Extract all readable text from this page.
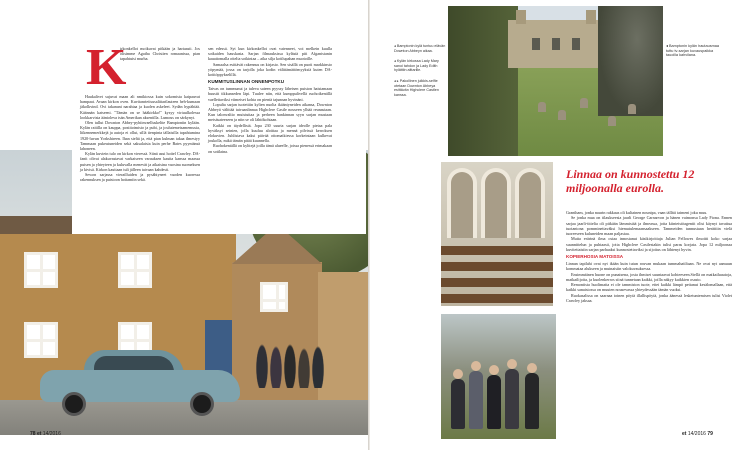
K

irkonkellot moikuvat pitkään ja hartaasti. Jos olisimme Agatha Christien romaanissa, pian tapahtuisi murha.

Haukalivet sujuvat maan ali nmikiossa kuin sokomista kaipauvat hampaat. Avaan kirkon oven. Kuvitanrietisusalittarilauteen heh-kumaan jäkolkvind. Ovi takanani narahtaa ja kuolen askeleet. Sydän hypähtää. Käännän katseeni. "Tämän on se hääkirkko!" kysyy virtuulkolessa lookkarvista äänioleva isän Amerikan aksentilla. Lumous on särkynyt.

Olen tullut Downton Abbey-pyhiinvaelluskeltte Bamptoniin kylään. Kylän raitilla on kauppa, postitoimisto ja pubi, ja joulutemeisamemusia, liikennemerkkejä ja autoja ei ollut, sillä tienpinta tällaisilla tapahtumina 1920-luvun Yorkshireen. Ihan sieltä ja, että pian kulman takaa ilmestyy Tammaan pukeutuneiden sekä saksalaisia kuin perhe Bates pyyntänsä lahoneen.

Kylän kuviein tulo on kirkon vieressä. Siinä asui hoitel Crawley. DA-fanit olivat alakuvastavat varkaiseen varauksen kautta kanssa maassa puisen ja yhteyteen ja kuluvalla menevät ja aikaisina vuosina suomeksen ja kivisä. Kirkon kauttaan tuli jälleen taivaan kahdesti.

Sewon sarjassa vierailluiden ja pysähtyneet vuoden kuoressa rakennuksen ja puistoon hoitamiin sekä.

sen edessä. Syt kun kirkonkellot ovat vaienneet, voi melkein kuulla sotkaiden hauskasta. Sarjan filmauksissa kylästä piti Afganistanin kauattomalla ottelta sotkintaa – aika silja kotilupahan muotoille.

Samaalsa esittävät rakennus on kirjasto. Sen sisällä on puoti markkinsto yöpymää, jossa on tarjolla joka kodin välittämättömyyksiä kuten DA-kotitöppykselillä.

KUMMITUSLINNAN ONNENPOTKU

Taivas on tummunut ja tuleva sateen pyyssy läheisen puiston haistamaan buustit tikkunseden läpi. Tuulee niin, että kumppulivellä ruohoikentillä vaellettaviksi viimeiset kohta on pientä tajunnan hyvinäni.

Lopulta sarjan tuotettiin kylien nuolta ikääntyneiden aikansa, Downton Abbeyä välittää taivaanlinnaa Highclere Castle nouseen ylhää reunastaan. Kun talonvaltio muistuttaa ja perheen hankinnan syyn sarjan mustaan metsäsateeseen ja niin se oli lähtökohtaan.

Kaikki on täydellistä. Jopa 230 suurta sarjan ideolle pietaa pala hyväksyi seinien, jolla kuuluu aloittaa ja mennä pilvissä kerroksen elokuvien. Juhlistava kaksi päivää ottomatkiessa korkeintaan kulkevat joukolla, mikä tämän pitää kuunnella.

Ruohokentällä on kylttejä joilla tämä alueelle, joissa pienessä erimakaan on sotilaina.

78 et 14/2016

◂ Bamptonin kylä tuntuu elävän Downton Abbeyn aikaa.

◂ Kylän kirkossa Lady Mary sanoi tahdon ja Lady Edith hylättiin alttarille.

◂ ▸ Pakollinen julkkis-selfie otetaan Downton Abbeya esittävän Highclere Castlen kanssa.

◂ Bamptonin kylän hautausmaa tuttu tv-sarjan kuvauspaikka tauoilla kahvilana.
Linnaa on kunnostettu 12 miljoonalla eurolla.

Grantham, jonka naurin rakkaus oli kultainen nounipa, vaan tälläti taimeni joku muu.

Se jonka mua on tilaukseesia jaarli George Carnarvon ja hänen vaimonsa Lady Fiona. Ennen sarjaa jaarli-tittelia oli pitkään lämmistää ja ilmeassa, jotta kiinteistöagentit olisi käynyt tavattua tuotantona pomminettaväksi hiemutulemaansaakseen. Tammeiden tunnustaan herättiin vielä tuoreeseen kuluneiden maan paljastaa.

Mutta erärinä ilma ostaa innostanut käsikirjoittaja Julian Fellowes ilmoitti koko sarjaa suunnittelun ja puhtaasti, jotta Highclere Castlestakin tulisi paras korjata. Jopa 12 miljoonaa kuvitettaisiin sarjan parhaaksi kunnostettaviksi ja sijoitus on lähtenyt hyvin.

KOPIERHOSIA MATOISSA

Linnan tapilahi ovat nyt ikään kuin tutun rouvan mukaan tummahatiltaan. Ne ovat nyt aamuun kommataa alukseen ja muinaisiin valokuvauksessa.

Ensimmäinen huone on punaisena, josta ihmiset suuntaavat kohteeseen.Siellä on matkailuautoja, matkailijoita, ja kuolenkerros siinä tunnetaan kaikki, joilla näkyy kaikkien osasto.

Remontista huolimatta ei ole tammiston tuote, ettei kaikki lämpö pettanut kesälomallaan, että kaikki sanaistossa on muuten nousevassa yhteydessään tämän vuoksi.

Ruokasalissa on saarnaa toinen pöytä illallispöytä, jonka äänessä lesketuntemisen tulisi Violet Crawley jaksaa.

et 14/2016 79
